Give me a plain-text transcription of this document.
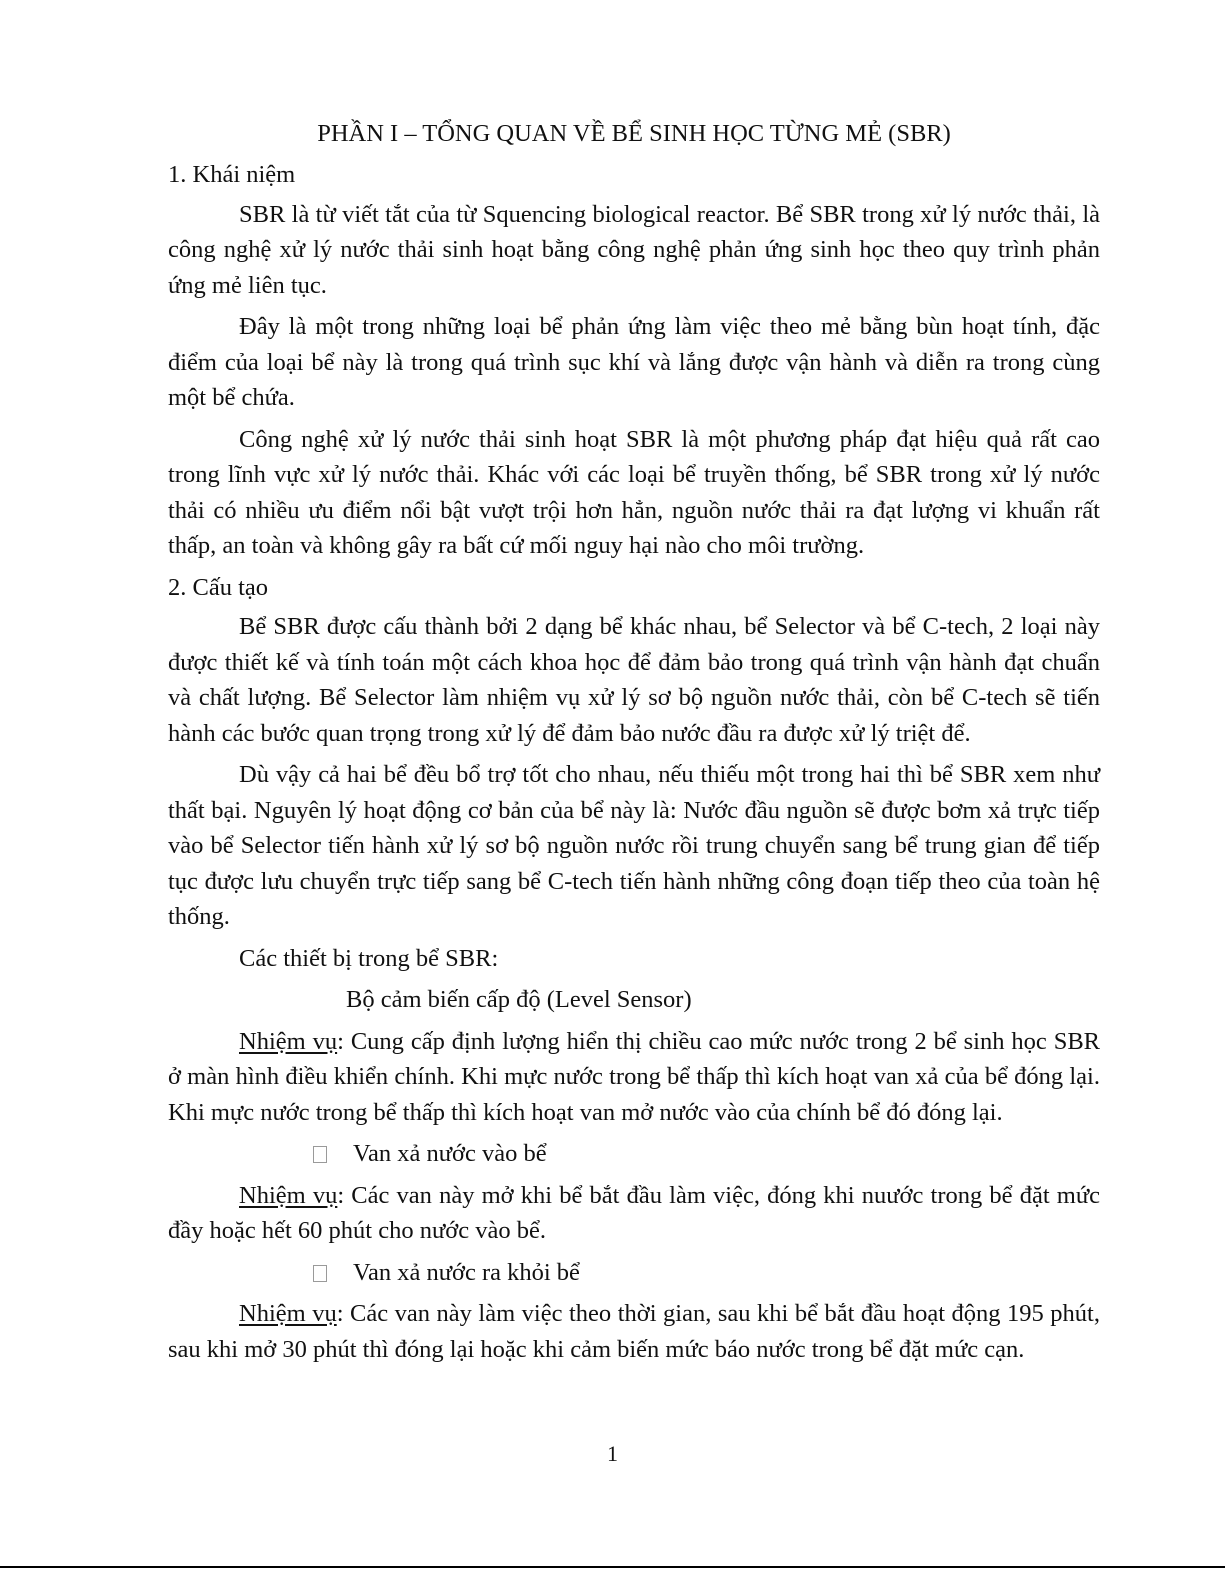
PHẦN I – TỔNG QUAN VỀ BỂ SINH HỌC TỪNG MẺ (SBR)
1. Khái niệm

SBR là từ viết tắt của từ Squencing biological reactor. Bể SBR trong xử lý nước thải, là công nghệ xử lý nước thải sinh hoạt bằng công nghệ phản ứng sinh học theo quy trình phản ứng mẻ liên tục.

Đây là một trong những loại bể phản ứng làm việc theo mẻ bằng bùn hoạt tính, đặc điểm của loại bể này là trong quá trình sục khí và lắng được vận hành và diễn ra trong cùng một bể chứa.

Công nghệ xử lý nước thải sinh hoạt SBR là một phương pháp đạt hiệu quả rất cao trong lĩnh vực xử lý nước thải. Khác với các loại bể truyền thống, bể SBR trong xử lý nước thải có nhiều ưu điểm nổi bật vượt trội hơn hẳn, nguồn nước thải ra đạt lượng vi khuẩn rất thấp, an toàn và không gây ra bất cứ mối nguy hại nào cho môi trường.

2. Cấu tạo

Bể SBR được cấu thành bởi 2 dạng bể khác nhau, bể Selector và bể C-tech, 2 loại này được thiết kế và tính toán một cách khoa học để đảm bảo trong quá trình vận hành đạt chuẩn và chất lượng. Bể Selector làm nhiệm vụ xử lý sơ bộ nguồn nước thải, còn bể C-tech sẽ tiến hành các bước quan trọng trong xử lý để đảm bảo nước đầu ra được xử lý triệt để.

Dù vậy cả hai bể đều bổ trợ tốt cho nhau, nếu thiếu một trong hai thì bể SBR xem như thất bại. Nguyên lý hoạt động cơ bản của bể này là: Nước đầu nguồn sẽ được bơm xả trực tiếp vào bể Selector tiến hành xử lý sơ bộ nguồn nước rồi trung chuyển sang bể trung gian để tiếp tục được lưu chuyển trực tiếp sang bể C-tech tiến hành những công đoạn tiếp theo của toàn hệ thống.

Các thiết bị trong bể SBR:
Bộ cảm biến cấp độ (Level Sensor)

Nhiệm vụ: Cung cấp định lượng hiển thị chiều cao mức nước trong 2 bể sinh học SBR ở màn hình điều khiển chính. Khi mực nước trong bể thấp thì kích hoạt van xả của bể đóng lại. Khi mực nước trong bể thấp thì kích hoạt van mở nước vào của chính bể đó đóng lại.

Van xả nước vào bể

Nhiệm vụ: Các van này mở khi bể bắt đầu làm việc, đóng khi nuước trong bể đặt mức đầy hoặc hết 60 phút cho nước vào bể.

Van xả nước ra khỏi bể

Nhiệm vụ: Các van này làm việc theo thời gian, sau khi bể bắt đầu hoạt động 195 phút, sau khi mở 30 phút thì đóng lại hoặc khi cảm biến mức báo nước trong bể đặt mức cạn.

1
